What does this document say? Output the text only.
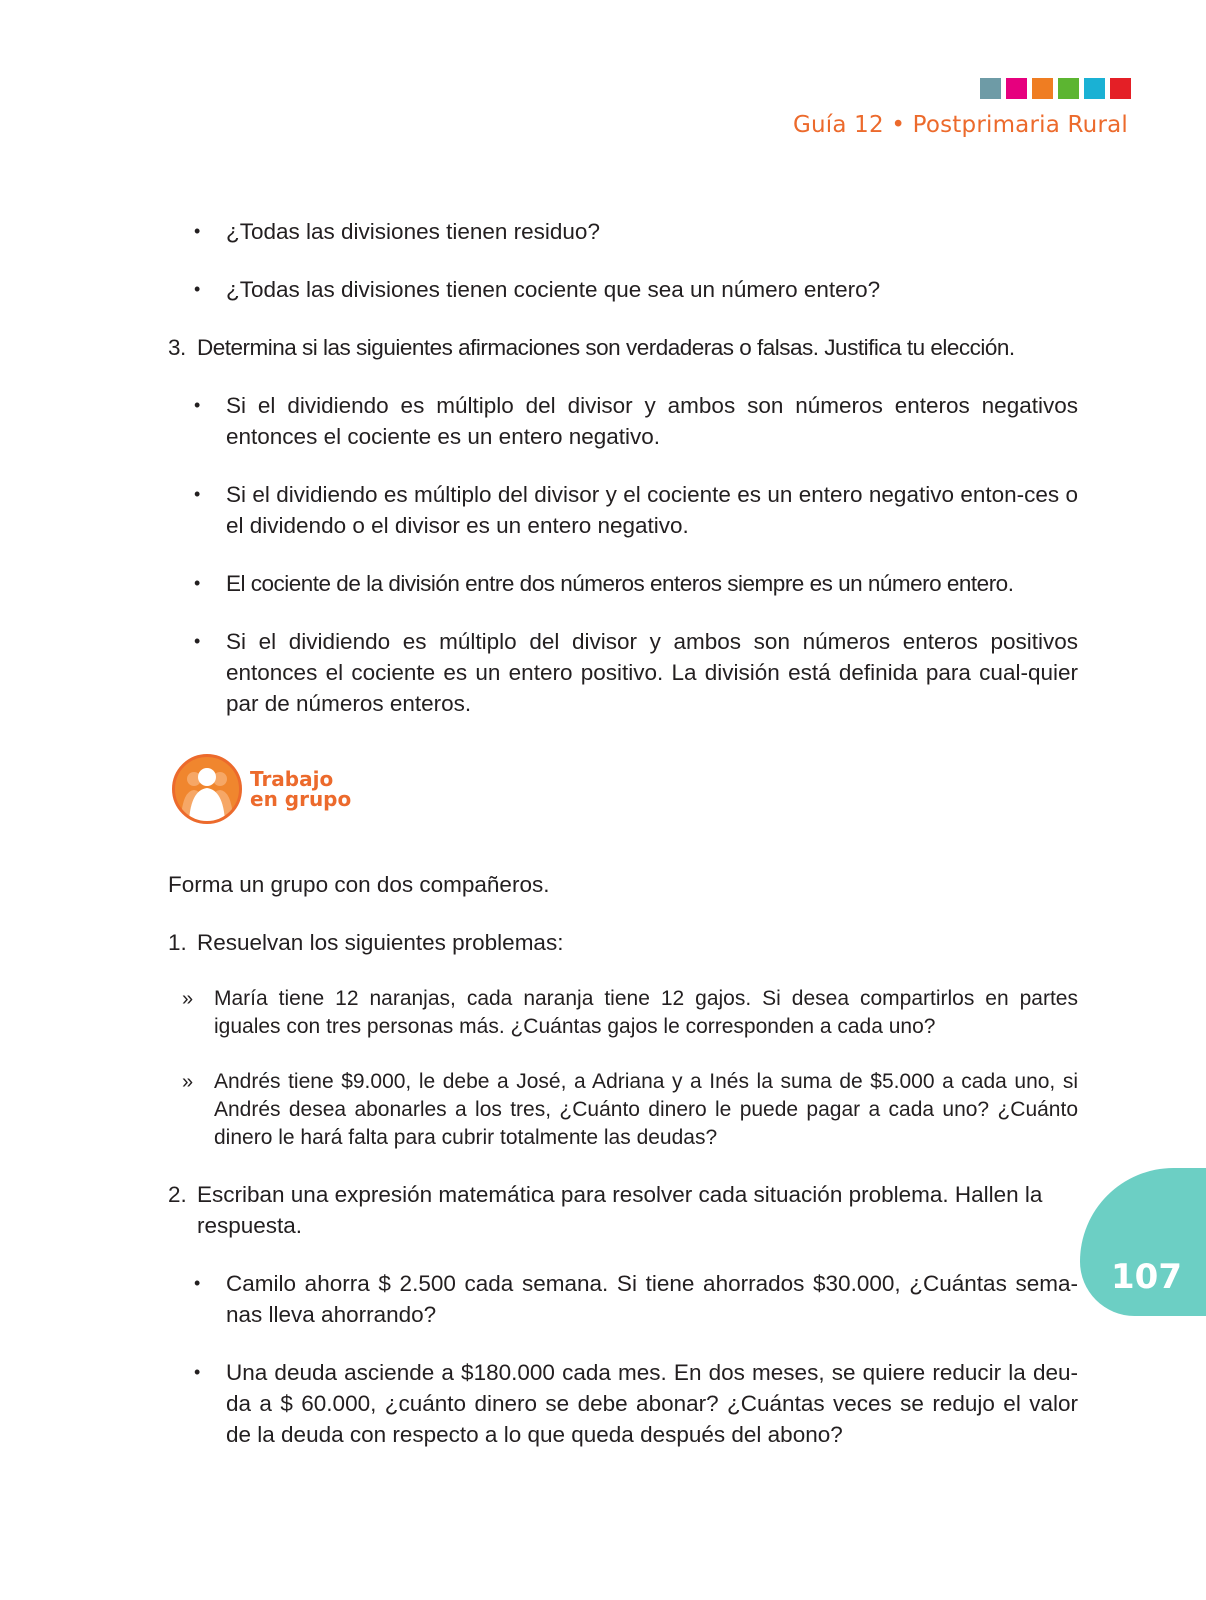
Guía 12 • Postprimaria Rural
• ¿Todas las divisiones tienen residuo?
• ¿Todas las divisiones tienen cociente que sea un número entero?
3. Determina si las siguientes afirmaciones son verdaderas o falsas. Justifica tu elección.
• Si el dividiendo es múltiplo del divisor y ambos son números enteros negativos entonces el cociente es un entero negativo.
• Si el dividiendo es múltiplo del divisor y el cociente es un entero negativo enton-ces o el dividendo o el divisor es un entero negativo.
• El cociente de la división entre dos números enteros siempre es un número entero.
• Si el dividiendo es múltiplo del divisor y ambos son números enteros positivos entonces el cociente es un entero positivo. La división está definida para cual-quier par de números enteros.
Trabajo
en grupo
Forma un grupo con dos compañeros.
1. Resuelvan los siguientes problemas:
» María tiene 12 naranjas, cada naranja tiene 12 gajos. Si desea compartirlos en partes iguales con tres personas más. ¿Cuántas gajos le corresponden a cada uno?
» Andrés tiene $9.000, le debe a José, a Adriana y a Inés la suma de $5.000 a cada uno, si Andrés desea abonarles a los tres, ¿Cuánto dinero le puede pagar a cada uno? ¿Cuánto dinero le hará falta para cubrir totalmente las deudas?
2. Escriban una expresión matemática para resolver cada situación problema. Hallen la respuesta.
• Camilo ahorra $ 2.500 cada semana. Si tiene ahorrados $30.000, ¿Cuántas sema-nas lleva ahorrando?
• Una deuda asciende a $180.000 cada mes. En dos meses, se quiere reducir la deu-da a $ 60.000, ¿cuánto dinero se debe abonar? ¿Cuántas veces se redujo el valor de la deuda con respecto a lo que queda después del abono?
107
